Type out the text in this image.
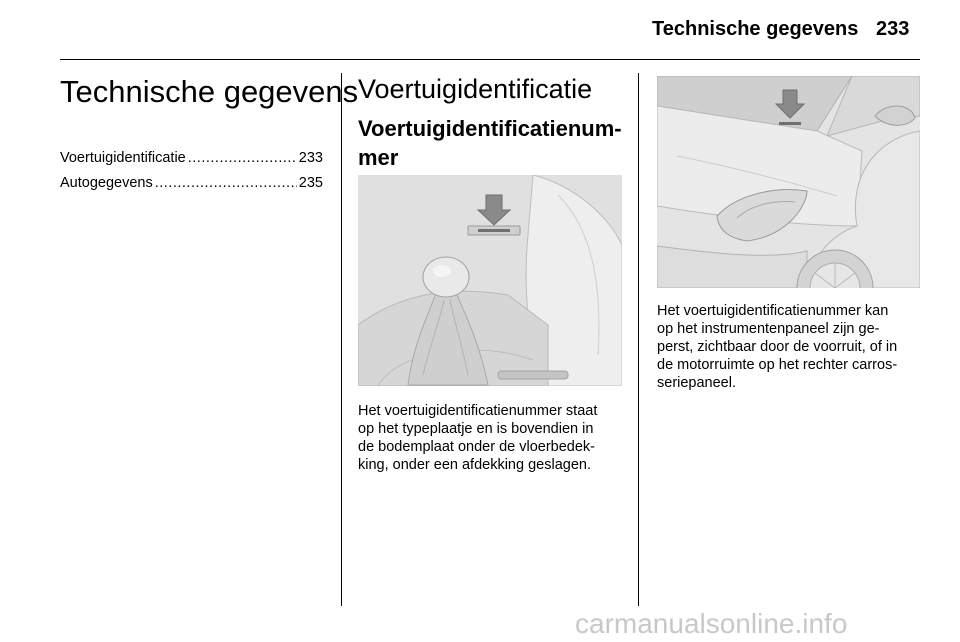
Technische gegevens 233
Technische gegevens
Voertuigidentificatie .....	233
Autogegevens .....	235
Voertuigidentificatie
Voertuigidentificatienum-
mer
Het voertuigidentificatienummer staat
op het typeplaatje en is bovendien in
de bodemplaat onder de vloerbedek-
king, onder een afdekking geslagen.
Het voertuigidentificatienummer kan
op het instrumentenpaneel zijn ge-
perst, zichtbaar door de voorruit, of in
de motorruimte op het rechter carros-
seriepaneel.
carmanualsonline.info
